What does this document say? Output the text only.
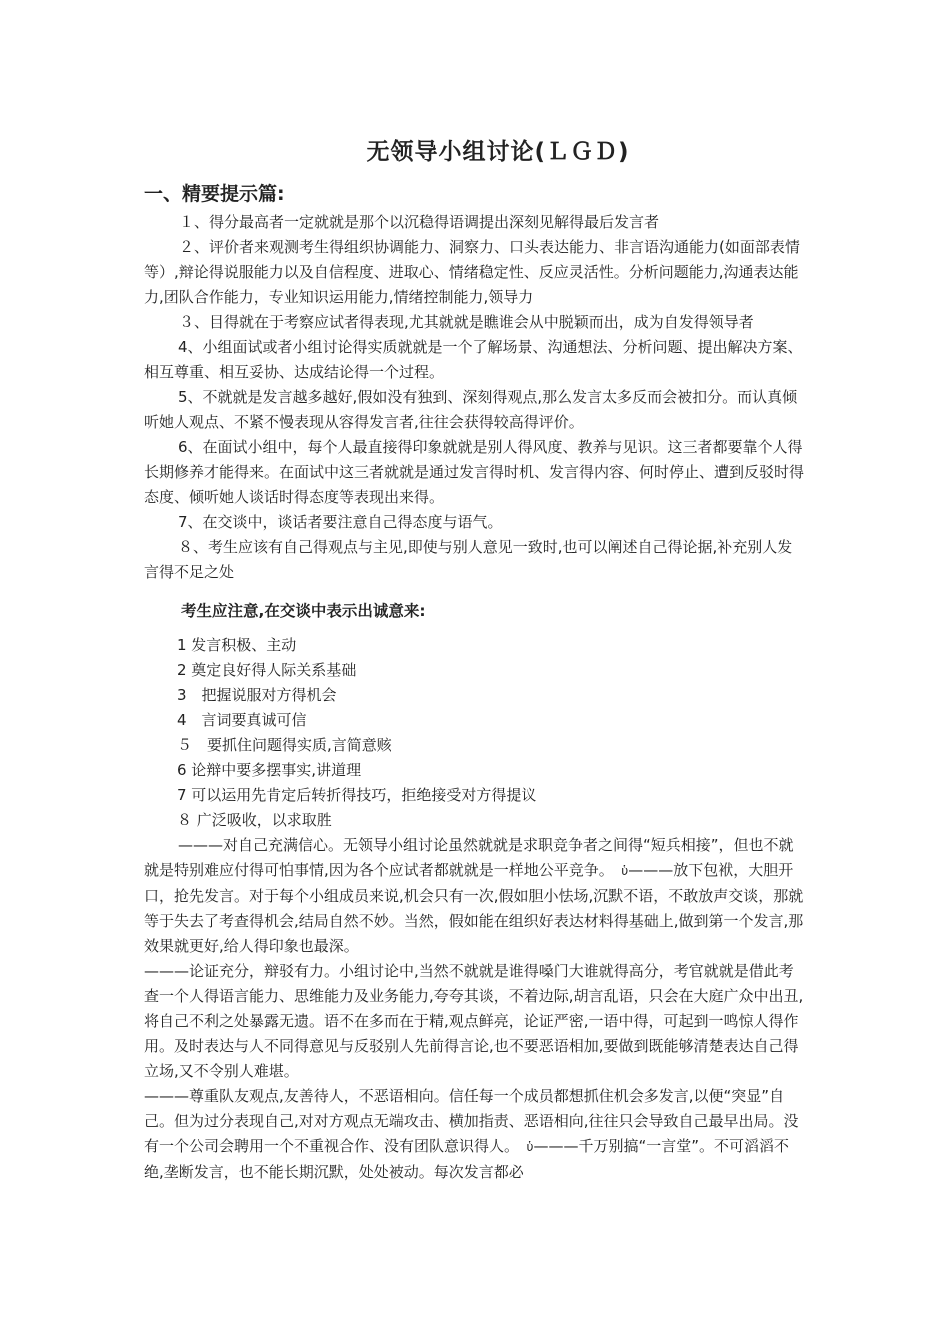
无领导小组讨论(ＬＧＤ)
一、精要提示篇:

１、得分最高者一定就就是那个以沉稳得语调提出深刻见解得最后发言者

２、评价者来观测考生得组织协调能力、洞察力、口头表达能力、非言语沟通能力(如面部表情等）,辩论得说服能力以及自信程度、进取心、情绪稳定性、反应灵活性。分析问题能力,沟通表达能力,团队合作能力，专业知识运用能力,情绪控制能力,领导力

３、目得就在于考察应试者得表现,尤其就就是瞧谁会从中脱颖而出，成为自发得领导者

4、小组面试或者小组讨论得实质就就是一个了解场景、沟通想法、分析问题、提出解决方案、相互尊重、相互妥协、达成结论得一个过程。

5、不就就是发言越多越好,假如没有独到、深刻得观点,那么发言太多反而会被扣分。而认真倾听她人观点、不紧不慢表现从容得发言者,往往会获得较高得评价。

6、在面试小组中，每个人最直接得印象就就是别人得风度、教养与见识。这三者都要靠个人得长期修养才能得来。在面试中这三者就就是通过发言得时机、发言得内容、何时停止、遭到反驳时得态度、倾听她人谈话时得态度等表现出来得。

7、在交谈中，谈话者要注意自己得态度与语气。

８、考生应该有自己得观点与主见,即使与别人意见一致时,也可以阐述自己得论据,补充别人发言得不足之处

考生应注意,在交谈中表示出诚意来:
1 发言积极、主动
2 奠定良好得人际关系基础
3　把握说服对方得机会
4　言词要真诚可信
５　要抓住问题得实质,言简意赅
6 论辩中要多摆事实,讲道理
7 可以运用先肯定后转折得技巧，拒绝接受对方得提议
８ 广泛吸收，以求取胜

———对自己充满信心。无领导小组讨论虽然就就是求职竞争者之间得“短兵相接”，但也不就就是特别难应付得可怕事情,因为各个应试者都就就是一样地公平竞争。　 ὑ———放下包袱，大胆开口，抢先发言。对于每个小组成员来说,机会只有一次,假如胆小怯场,沉默不语，不敢放声交谈，那就等于失去了考查得机会,结局自然不妙。当然，假如能在组织好表达材料得基础上,做到第一个发言,那效果就更好,给人得印象也最深。

———论证充分，辩驳有力。小组讨论中,当然不就就是谁得嗓门大谁就得高分，考官就就是借此考查一个人得语言能力、思维能力及业务能力,夸夸其谈，不着边际,胡言乱语，只会在大庭广众中出丑,将自己不利之处暴露无遗。语不在多而在于精,观点鲜亮，论证严密,一语中得，可起到一鸣惊人得作用。及时表达与人不同得意见与反驳别人先前得言论,也不要恶语相加,要做到既能够清楚表达自己得立场,又不令别人难堪。

———尊重队友观点,友善待人，不恶语相向。信任每一个成员都想抓住机会多发言,以便“突显”自己。但为过分表现自己,对对方观点无端攻击、横加指责、恶语相向,往往只会导致自己最早出局。没有一个公司会聘用一个不重视合作、没有团队意识得人。　 ὑ———千万别搞“一言堂”。不可滔滔不绝,垄断发言，也不能长期沉默，处处被动。每次发言都必
